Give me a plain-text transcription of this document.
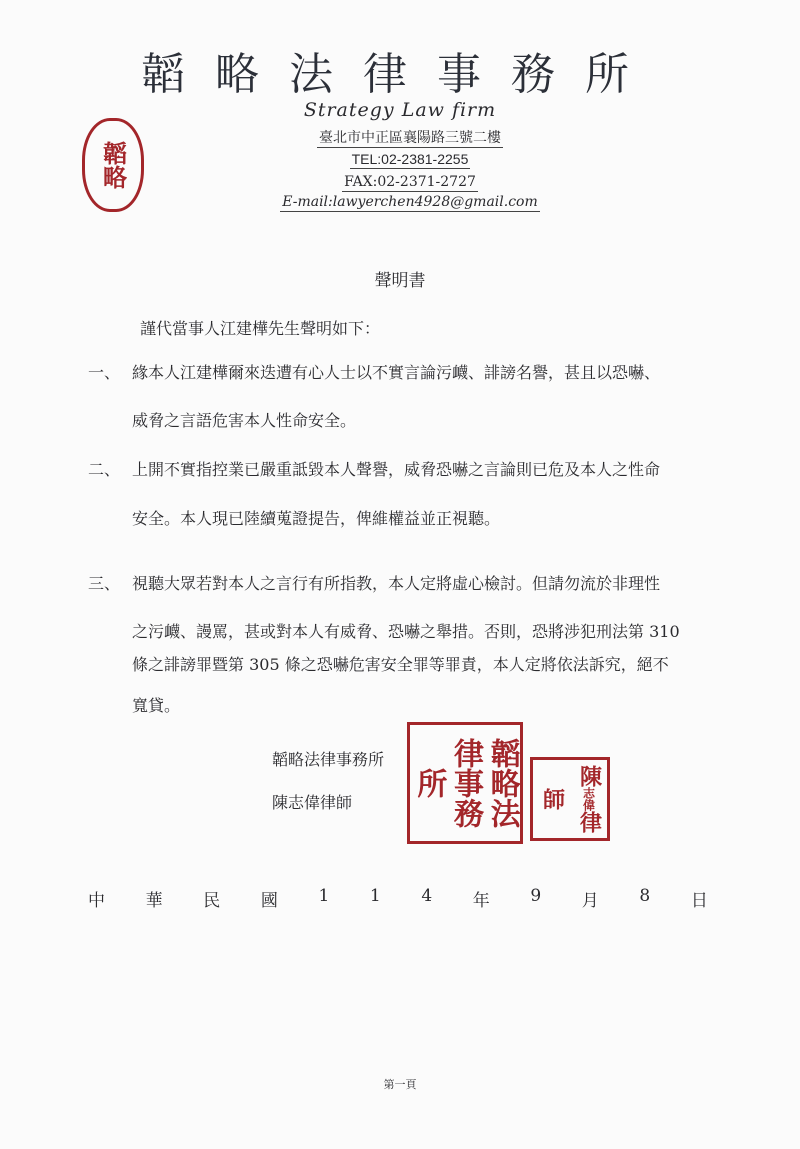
韜略法律事務所
Strategy Law firm
臺北市中正區襄陽路三號二樓
TEL:02-2381-2255
FAX:02-2371-2727
E-mail:lawyerchen4928@gmail.com
韜略
聲明書
謹代當事人江建樺先生聲明如下：
一、 緣本人江建樺爾來迭遭有心人士以不實言論污衊、誹謗名譽，甚且以恐嚇、
威脅之言語危害本人性命安全。
二、 上開不實指控業已嚴重詆毀本人聲譽，威脅恐嚇之言論則已危及本人之性命
安全。本人現已陸續蒐證提告，俾維權益並正視聽。
三、 視聽大眾若對本人之言行有所指教，本人定將虛心檢討。但請勿流於非理性
之污衊、謾罵，甚或對本人有威脅、恐嚇之舉措。否則，恐將涉犯刑法第 310
條之誹謗罪暨第 305 條之恐嚇危害安全罪等罪責，本人定將依法訴究，絕不
寬貸。
韜略法律事務所
陳志偉律師
韜
略
法
律
事
務
所	陳
志偉
律
師
中 華 民 國 1 1 4 年 9 月 8 日
第一頁
